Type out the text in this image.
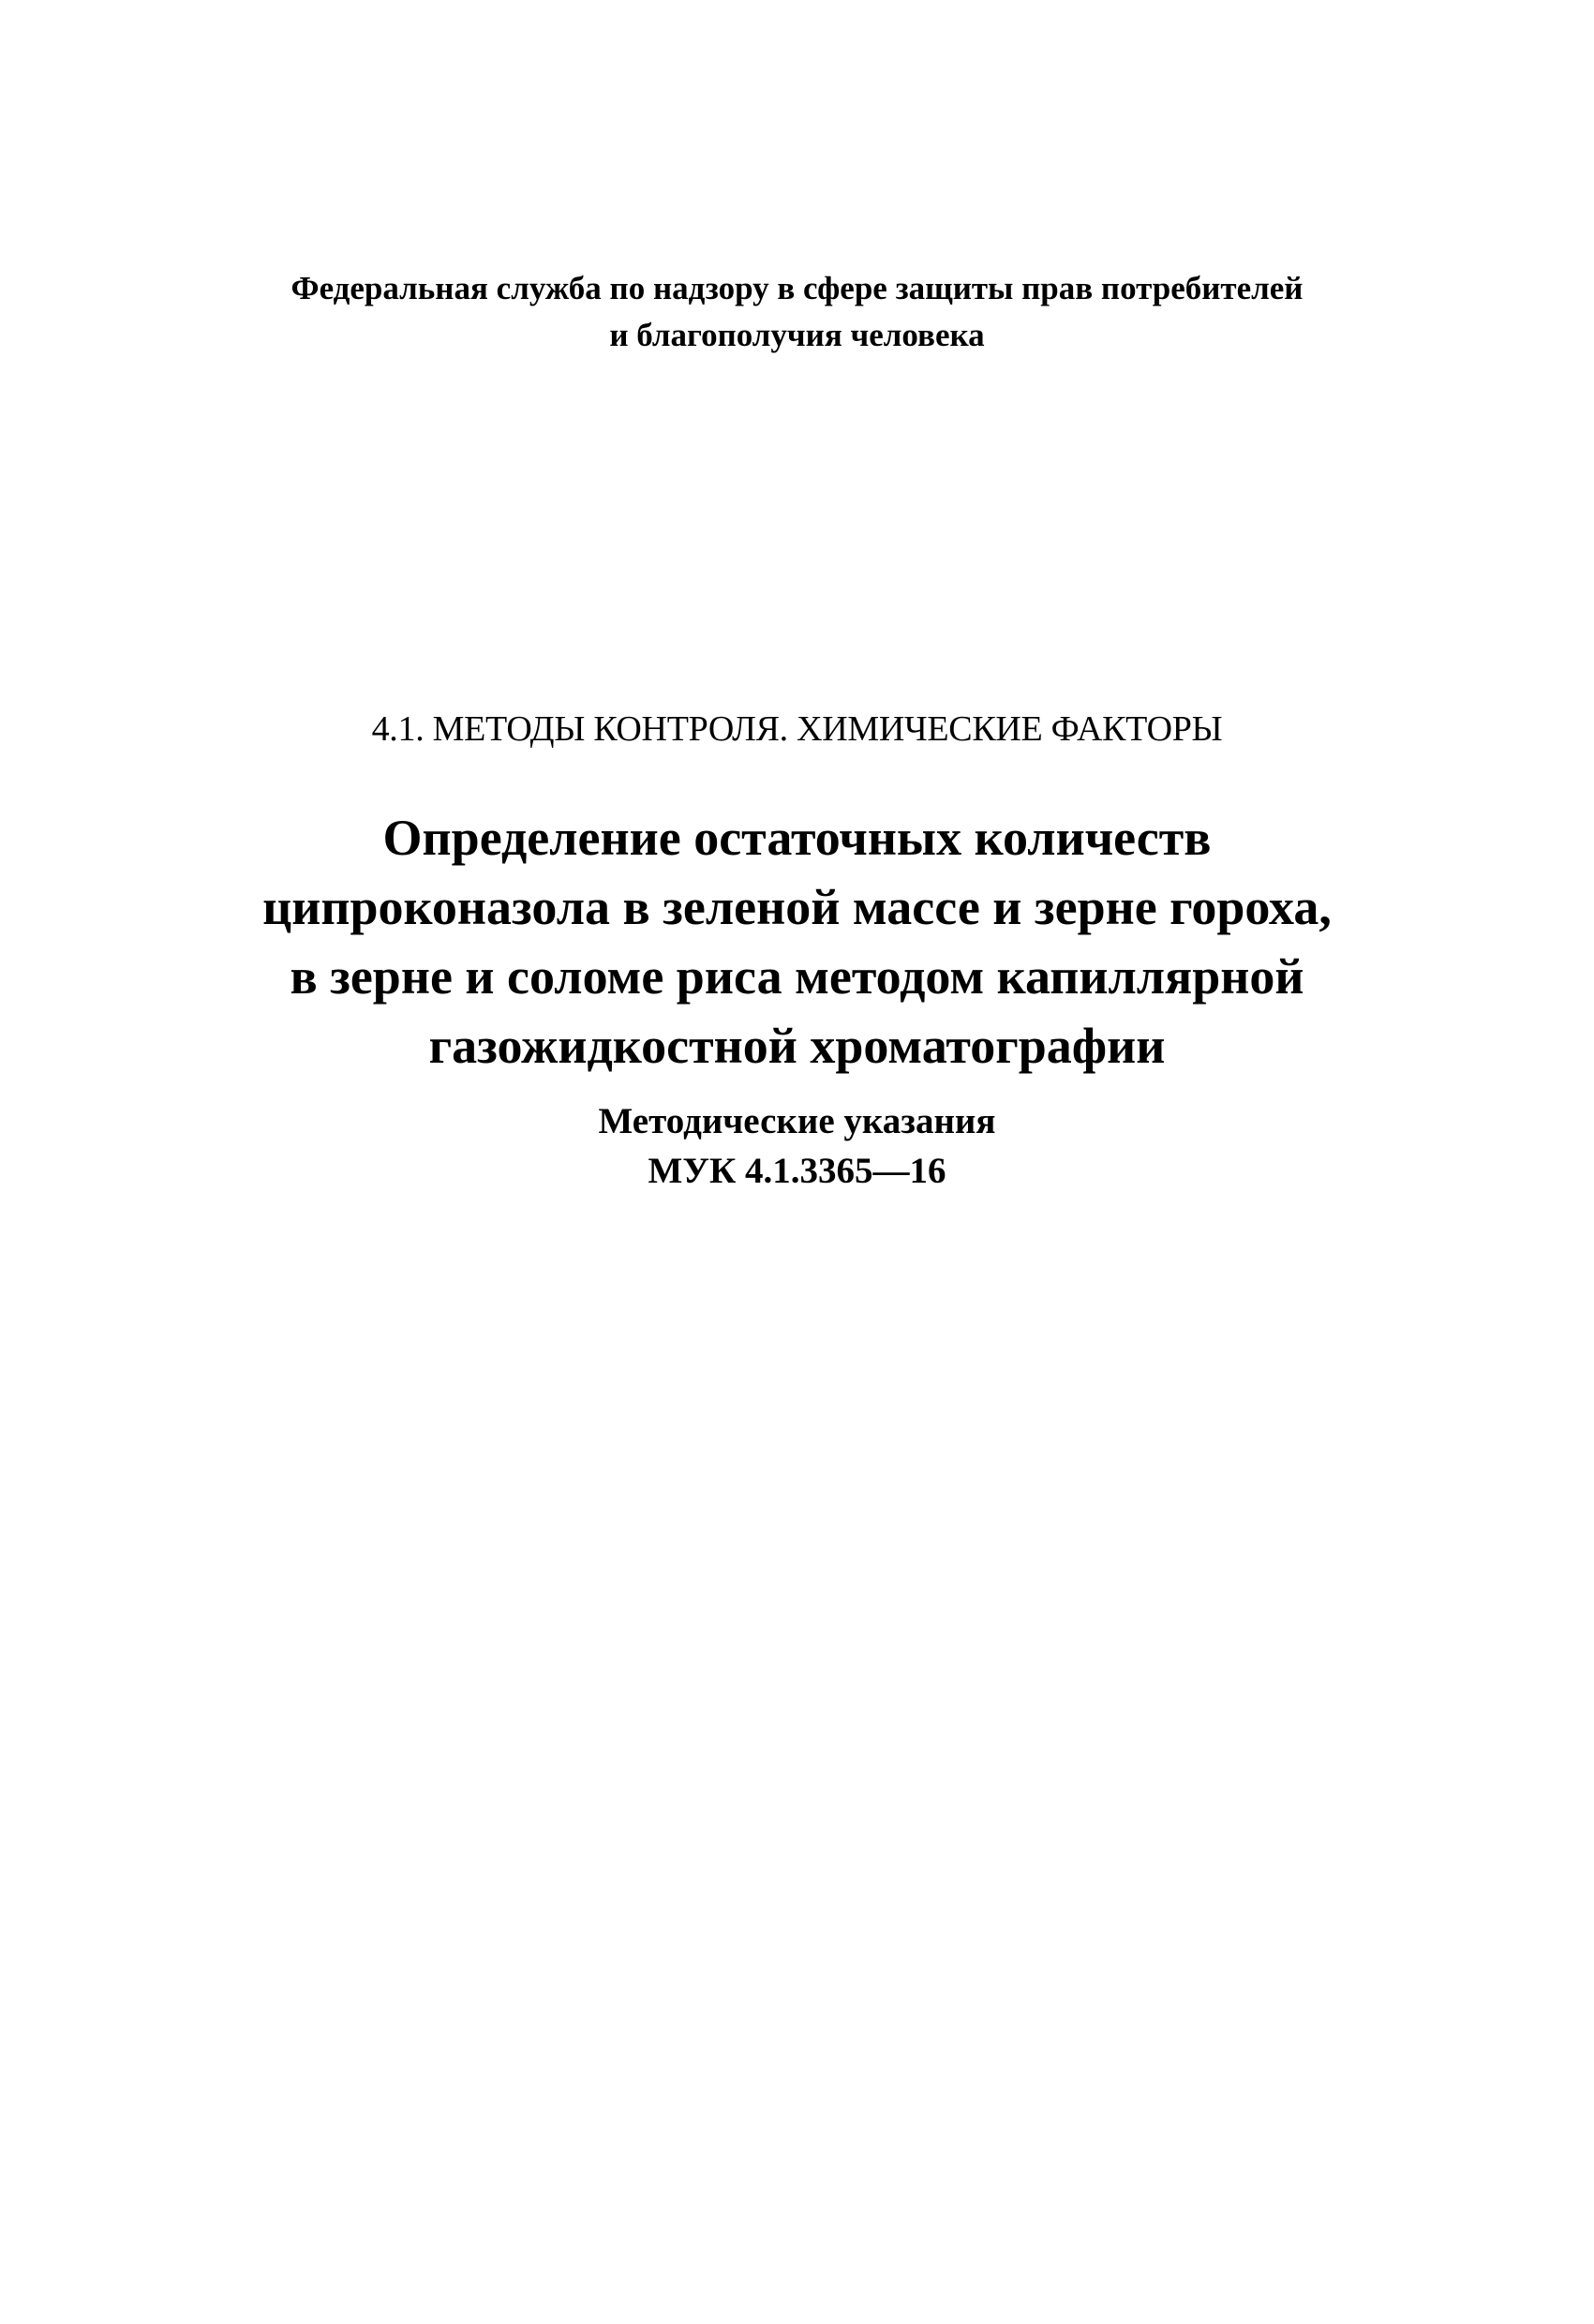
Федеральная служба по надзору в сфере защиты прав потребителей
и благополучия человека
4.1. МЕТОДЫ КОНТРОЛЯ. ХИМИЧЕСКИЕ ФАКТОРЫ
Определение остаточных количеств
ципроконазола в зеленой массе и зерне гороха,
в зерне и соломе риса методом капиллярной
газожидкостной хроматографии
Методические указания
МУК 4.1.3365—16
